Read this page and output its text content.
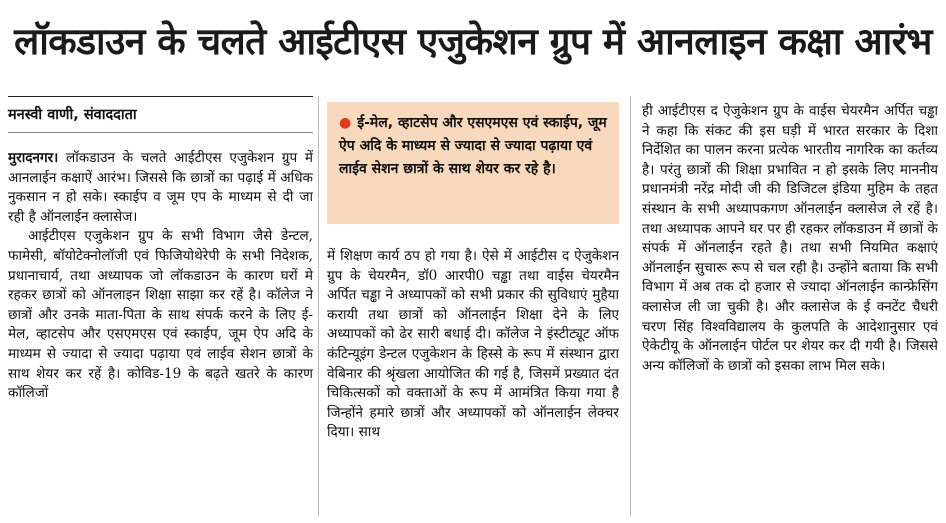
लॉकडाउन के चलते आईटीएस एजुकेशन ग्रुप में आनलाइन कक्षा आरंभ
मनस्वी वाणी, संवाददाता

मुरादनगर। लॉकडाउन के चलते आईटीएस एजुकेशन ग्रुप में आनलाईन कक्षाऐं आरंभ। जिससे कि छात्रों का पढ़ाई में अधिक नुकसान न हो सके। स्काईप व जूम एप के माध्यम से दी जा रही है ऑनलाईन क्लासेज।

आईटीएस एजुकेशन ग्रुप के सभी विभाग जैसे डेन्टल, फामेसी, बॉयोटेक्नोलॉजी एवं फिजियोथेरेपी के सभी निदेशक, प्रधानाचार्य, तथा अध्यापक जो लॉकडाउन के कारण घरों मे रहकर छात्रों को ऑनलाइन शिक्षा साझा कर रहें है। कॉलेज ने छात्रों और उनके माता-पिता के साथ संपर्क करने के लिए ई-मेल, व्हाटसेप और एसएमएस एवं स्काईप, जूम ऐप अदि के माध्यम से ज्यादा से ज्यादा पढ़ाया एवं लाईव सेशन छात्रों के साथ शेयर कर रहें है। कोविड-19 के बढ़ते खतरे के कारण कॉलिजों

● ई-मेल, व्हाटसेप और एसएमएस एवं स्काईप, जूम ऐप अदि के माध्यम से ज्यादा से ज्यादा पढ़ाया एवं लाईव सेशन छात्रों के साथ शेयर कर रहे है।

में शिक्षण कार्य ठप हो गया है। ऐसे में आईटीस द ऐजुकेशन ग्रुप के चेयरमैन, डॉ0 आरपी0 चड्ढा तथा वाईस चेयरमैन अर्पित चड्ढा ने अध्यापकों को सभी प्रकार की सुविधाएं मुहैया करायी तथा छात्रों को ऑनलाईन शिक्षा देने के लिए अध्यापकों को ढेर सारी बधाई दी। कॉलेज ने इंस्टीट्यूट ऑफ कंटिन्यूइंग डेन्टल एजुकेशन के हिस्से के रूप में संस्थान द्वारा वेबिनार की श्रृंखला आयोजित की गई है, जिसमें प्रख्यात दंत चिकित्सकों को वक्ताओं के रूप में आमंत्रित किया गया है जिन्होंने हमारे छात्रों और अध्यापकों को ऑनलाईन लेक्चर दिया। साथ

ही आईटीएस द ऐजुकेशन ग्रुप के वाईस चेयरमैन अर्पित चड्ढा ने कहा कि संकट की इस घड़ी में भारत सरकार के दिशा निर्देशित का पालन करना प्रत्येक भारतीय नागरिक का कर्तव्य है। परंतु छात्रों की शिक्षा प्रभावित न हो इसके लिए माननीय प्रधानमंत्री नरेंद्र मोदी जी की डिजिटल इंडिया मुहिम के तहत संस्थान के सभी अध्यापकगण ऑनलाईन क्लासेज ले रहें है। तथा अध्यापक आपने घर पर ही रहकर लॉकडाउन में छात्रों के संपर्क में ऑनलाईन रहते है। तथा सभी नियमित कक्षाएं ऑनलाईन सुचारू रूप से चल रही है। उन्होंने बताया कि सभी विभाग में अब तक दो हजार से ज्यादा ऑनलाईन कान्फ्रेसिंग क्लासेज ली जा चुकी है। और क्लासेज के ई क्नटेंट चैधरी चरण सिंह विश्वविद्यालय के कुलपति के आदेशानुसार एवं ऐकेटीयू के ऑनलाईन पोर्टल पर शेयर कर दी गयी है। जिससे अन्य कॉलिजों के छात्रों को इसका लाभ मिल सके।
